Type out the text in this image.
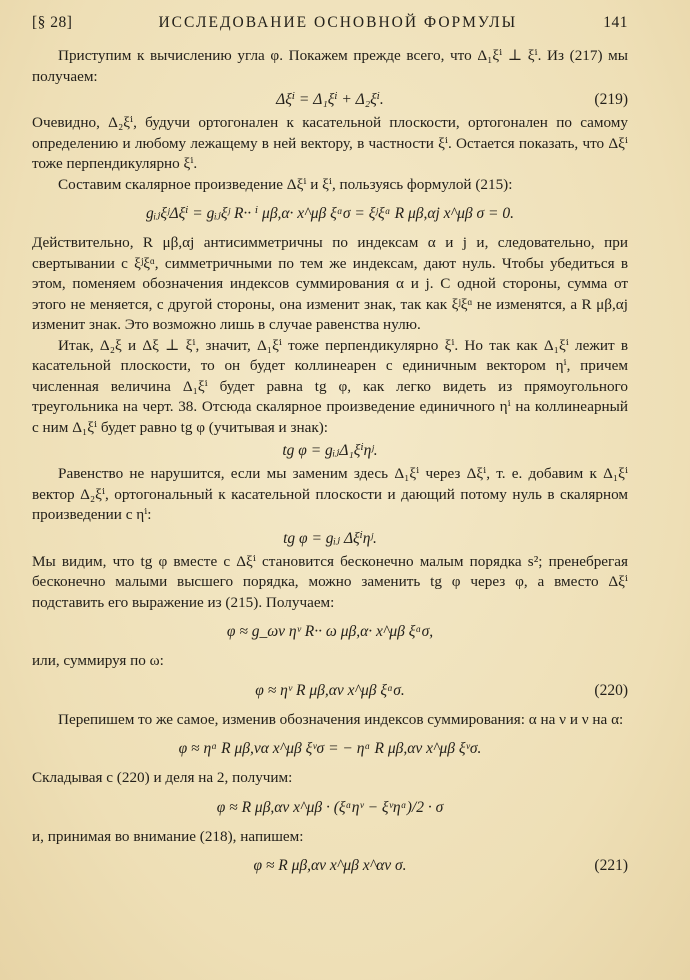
[§ 28]	ИССЛЕДОВАНИЕ ОСНОВНОЙ ФОРМУЛЫ	141

Приступим к вычислению угла φ. Покажем прежде всего, что Δ₁ξⁱ ⊥ ξⁱ. Из (217) мы получаем:

Δξⁱ = Δ₁ξⁱ + Δ₂ξⁱ.	(219)

Очевидно, Δ₂ξⁱ, будучи ортогонален к касательной плоскости, ортогонален по самому определению и любому лежащему в ней вектору, в частности ξⁱ. Остается показать, что Δξⁱ тоже перпендикулярно ξⁱ.

Составим скалярное произведение Δξⁱ и ξⁱ, пользуясь формулой (215):

gᵢⱼξʲΔξⁱ = gᵢⱼξʲ R·· ⁱ μβ,α· x^μβ ξᵅσ = ξʲξᵅ R μβ,αj x^μβ σ = 0.

Действительно, R μβ,αj антисимметричны по индексам α и j и, следовательно, при свертывании с ξʲξᵅ, симметричными по тем же индексам, дают нуль. Чтобы убедиться в этом, поменяем обозначения индексов суммирования α и j. С одной стороны, сумма от этого не меняется, с другой стороны, она изменит знак, так как ξʲξᵅ не изменятся, а R μβ,αj изменит знак. Это возможно лишь в случае равенства нулю.

Итак, Δ₂ξ и Δξ ⊥ ξⁱ, значит, Δ₁ξⁱ тоже перпендикулярно ξⁱ. Но так как Δ₁ξⁱ лежит в касательной плоскости, то он будет коллинеарен с единичным вектором ηⁱ, причем численная величина Δ₁ξⁱ будет равна tg φ, как легко видеть из прямоугольного треугольника на черт. 38. Отсюда скалярное произведение единичного ηⁱ на коллинеарный с ним Δ₁ξⁱ будет равно tg φ (учитывая и знак):

tg φ = gᵢⱼΔ₁ξⁱηʲ.

Равенство не нарушится, если мы заменим здесь Δ₁ξⁱ через Δξⁱ, т. е. добавим к Δ₁ξⁱ вектор Δ₂ξⁱ, ортогональный к касательной плоскости и дающий потому нуль в скалярном произведении с ηⁱ:

tg φ = gᵢⱼ Δξⁱηʲ.

Мы видим, что tg φ вместе с Δξⁱ становится бесконечно малым порядка s²; пренебрегая бесконечно малыми высшего порядка, можно заменить tg φ через φ, а вместо Δξⁱ подставить его выражение из (215). Получаем:

φ ≈ g_ων ηᵛ R·· ω μβ,α· x^μβ ξᵅσ,

или, суммируя по ω:

φ ≈ ηᵛ R μβ,αν x^μβ ξᵅσ.	(220)

Перепишем то же самое, изменив обозначения индексов суммирования: α на ν и ν на α:

φ ≈ ηᵅ R μβ,να x^μβ ξᵛσ = − ηᵅ R μβ,αν x^μβ ξᵛσ.

Складывая с (220) и деля на 2, получим:

φ ≈ R μβ,αν x^μβ · (ξᵅηᵛ − ξᵛηᵅ)/2 · σ

и, принимая во внимание (218), напишем:

φ ≈ R μβ,αν x^μβ x^αν σ.	(221)
